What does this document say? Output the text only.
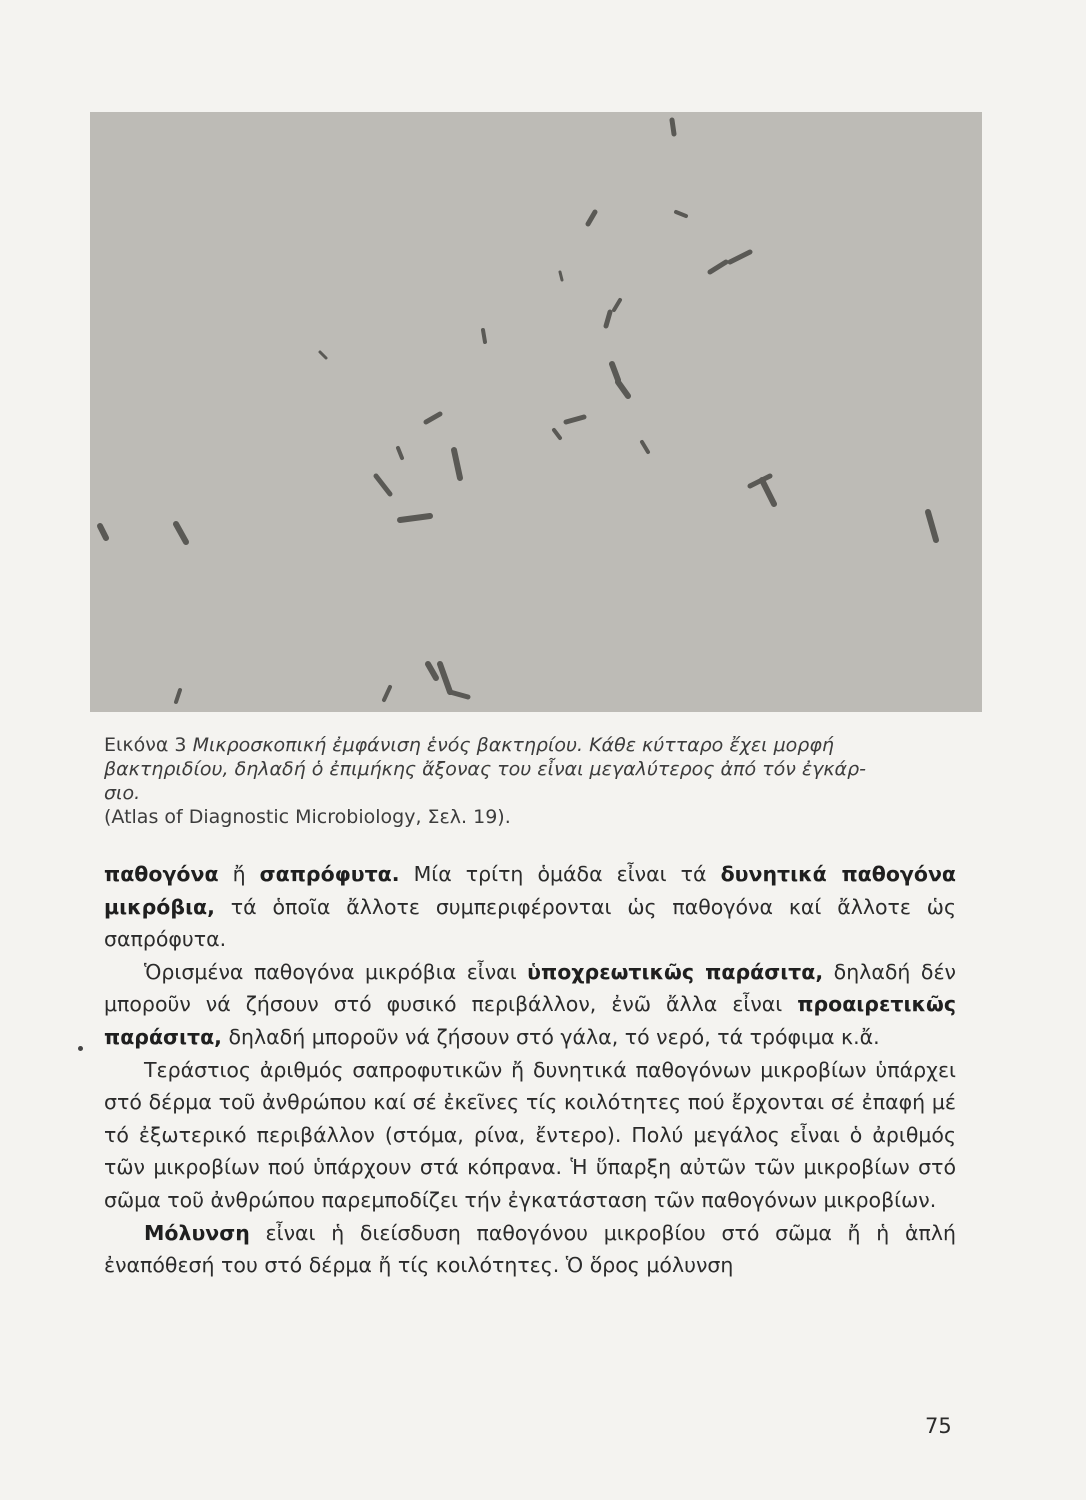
Εικόνα 3 Μικροσκοπική ἐμφάνιση ἑνός βακτηρίου. Κάθε κύτταρο ἔχει μορφή
βακτηριδίου, δηλαδή ὁ ἐπιμήκης ἄξονας του εἶναι μεγαλύτερος ἀπό τόν ἐγκάρ-
σιο.
(Atlas of Diagnostic Microbiology, Σελ. 19).

παθογόνα ἤ σαπρόφυτα. Μία τρίτη ὁμάδα εἶναι τά δυνητικά παθογόνα μικρόβια, τά ὁποῖα ἄλλοτε συμπεριφέρονται ὡς παθογόνα καί ἄλλοτε ὡς σαπρόφυτα.

Ὁρισμένα παθογόνα μικρόβια εἶναι ὑποχρεωτικῶς παράσιτα, δηλαδή δέν μποροῦν νά ζήσουν στό φυσικό περιβάλλον, ἐνῶ ἄλλα εἶναι προαιρετικῶς παράσιτα, δηλαδή μποροῦν νά ζήσουν στό γάλα, τό νερό, τά τρόφιμα κ.ἄ.

Τεράστιος ἀριθμός σαπροφυτικῶν ἤ δυνητικά παθογόνων μικροβίων ὑπάρχει στό δέρμα τοῦ ἀνθρώπου καί σέ ἐκεῖνες τίς κοιλότητες πού ἔρχονται σέ ἐπαφή μέ τό ἐξωτερικό περιβάλλον (στόμα, ρίνα, ἔντερο). Πολύ μεγάλος εἶναι ὁ ἀριθμός τῶν μικροβίων πού ὑπάρχουν στά κόπρανα. Ἡ ὕπαρξη αὐτῶν τῶν μικροβίων στό σῶμα τοῦ ἀνθρώπου παρεμποδίζει τήν ἐγκατάσταση τῶν παθογόνων μικροβίων.

Μόλυνση εἶναι ἡ διείσδυση παθογόνου μικροβίου στό σῶμα ἤ ἡ ἁπλή ἐναπόθεσή του στό δέρμα ἤ τίς κοιλότητες. Ὁ ὅρος μόλυνση

75
